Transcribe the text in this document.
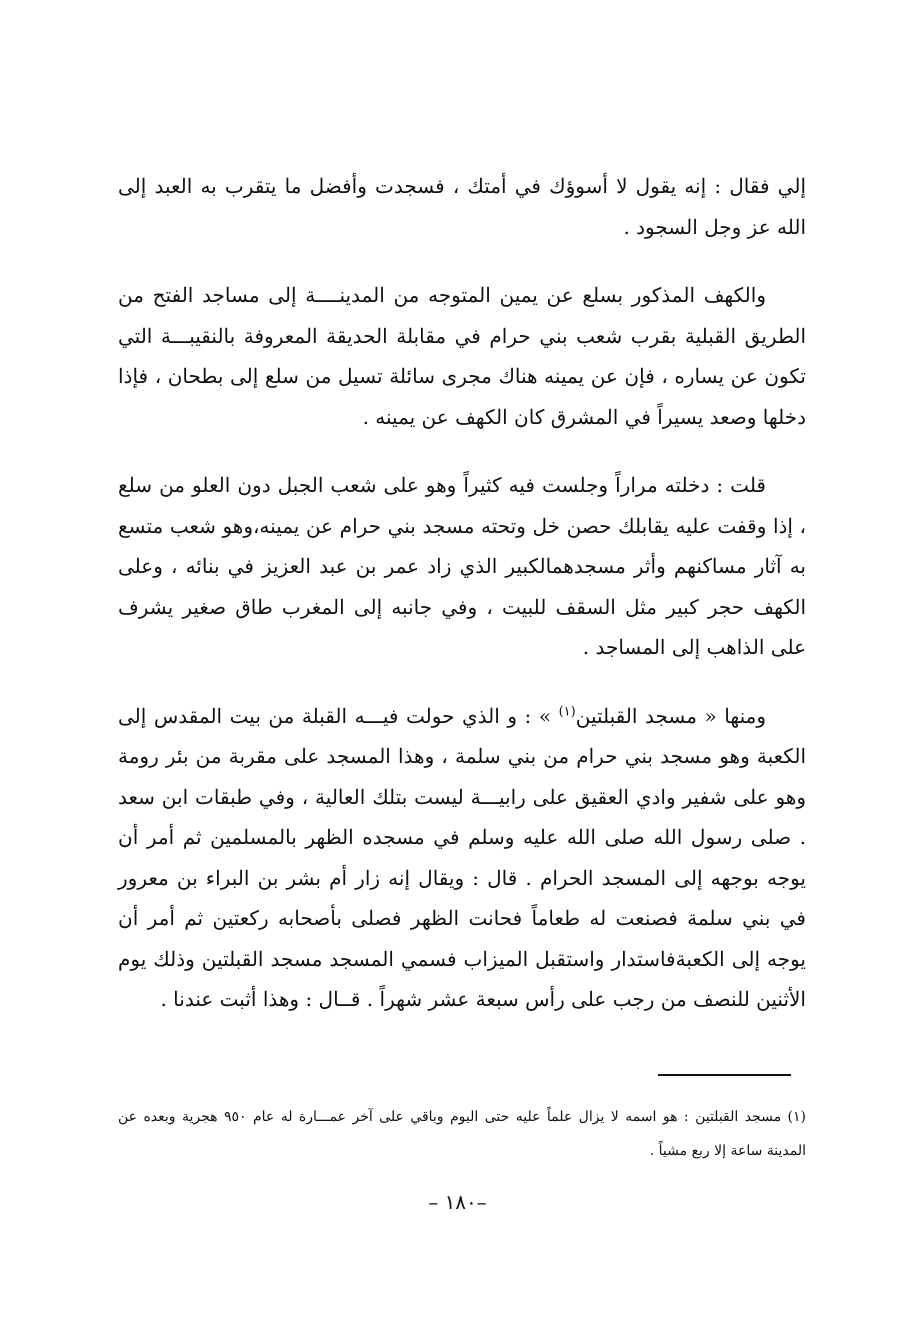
إلي فقال : إنه يقول لا أسوؤك في أمتك ، فسجدت وأفضل ما يتقرب به العبد إلى الله عز وجل السجود .

والكهف المذكور بسلع عن يمين المتوجه من المدينــــة إلى مساجد الفتح من الطريق القبلية بقرب شعب بني حرام في مقابلة الحديقة المعروفة بالنقيبـــة التي تكون عن يساره ، فإن عن يمينه هناك مجرى سائلة تسيل من سلع إلى بطحان ، فإذا دخلها وصعد يسيراً في المشرق كان الكهف عن يمينه .

قلت : دخلته مراراً وجلست فيه كثيراً وهو على شعب الجبل دون العلو من سلع ، إذا وقفت عليه يقابلك حصن خل وتحته مسجد بني حرام عن يمينه،وهو شعب متسع به آثار مساكنهم وأثر مسجدهمالكبير الذي زاد عمر بن عبد العزيز في بنائه ، وعلى الكهف حجر كبير مثل السقف للبيت ، وفي جانبه إلى المغرب طاق صغير يشرف على الذاهب إلى المساجد .

ومنها « مسجد القبلتين$^{(١)}$ » : و الذي حولت فيـــه القبلة من بيت المقدس إلى الكعبة وهو مسجد بني حرام من بني سلمة ، وهذا المسجد على مقربة من بئر رومة وهو على شفير وادي العقيق على رابيـــة ليست بتلك العالية ، وفي طبقات ابن سعد . صلى رسول الله صلى الله عليه وسلم في مسجده الظهر بالمسلمين ثم أمر أن يوجه بوجهه إلى المسجد الحرام . قال : ويقال إنه زار أم بشر بن البراء بن معرور في بني سلمة فصنعت له طعاماً فحانت الظهر فصلى بأصحابه ركعتين ثم أمر أن يوجه إلى الكعبةفاستدار واستقبل الميزاب فسمي المسجد مسجد القبلتين وذلك يوم الأثنين للنصف من رجب على رأس سبعة عشر شهراً . قــال : وهذا أثبت عندنا .

(١) مسجد القبلتين : هو اسمه لا يزال علماً عليه حتى اليوم وباقي على آخر عمـــارة له عام ٩٥٠ هجرية وبعده عن المدينة ساعة إلا ربع مشياً .

–١٨٠ –
